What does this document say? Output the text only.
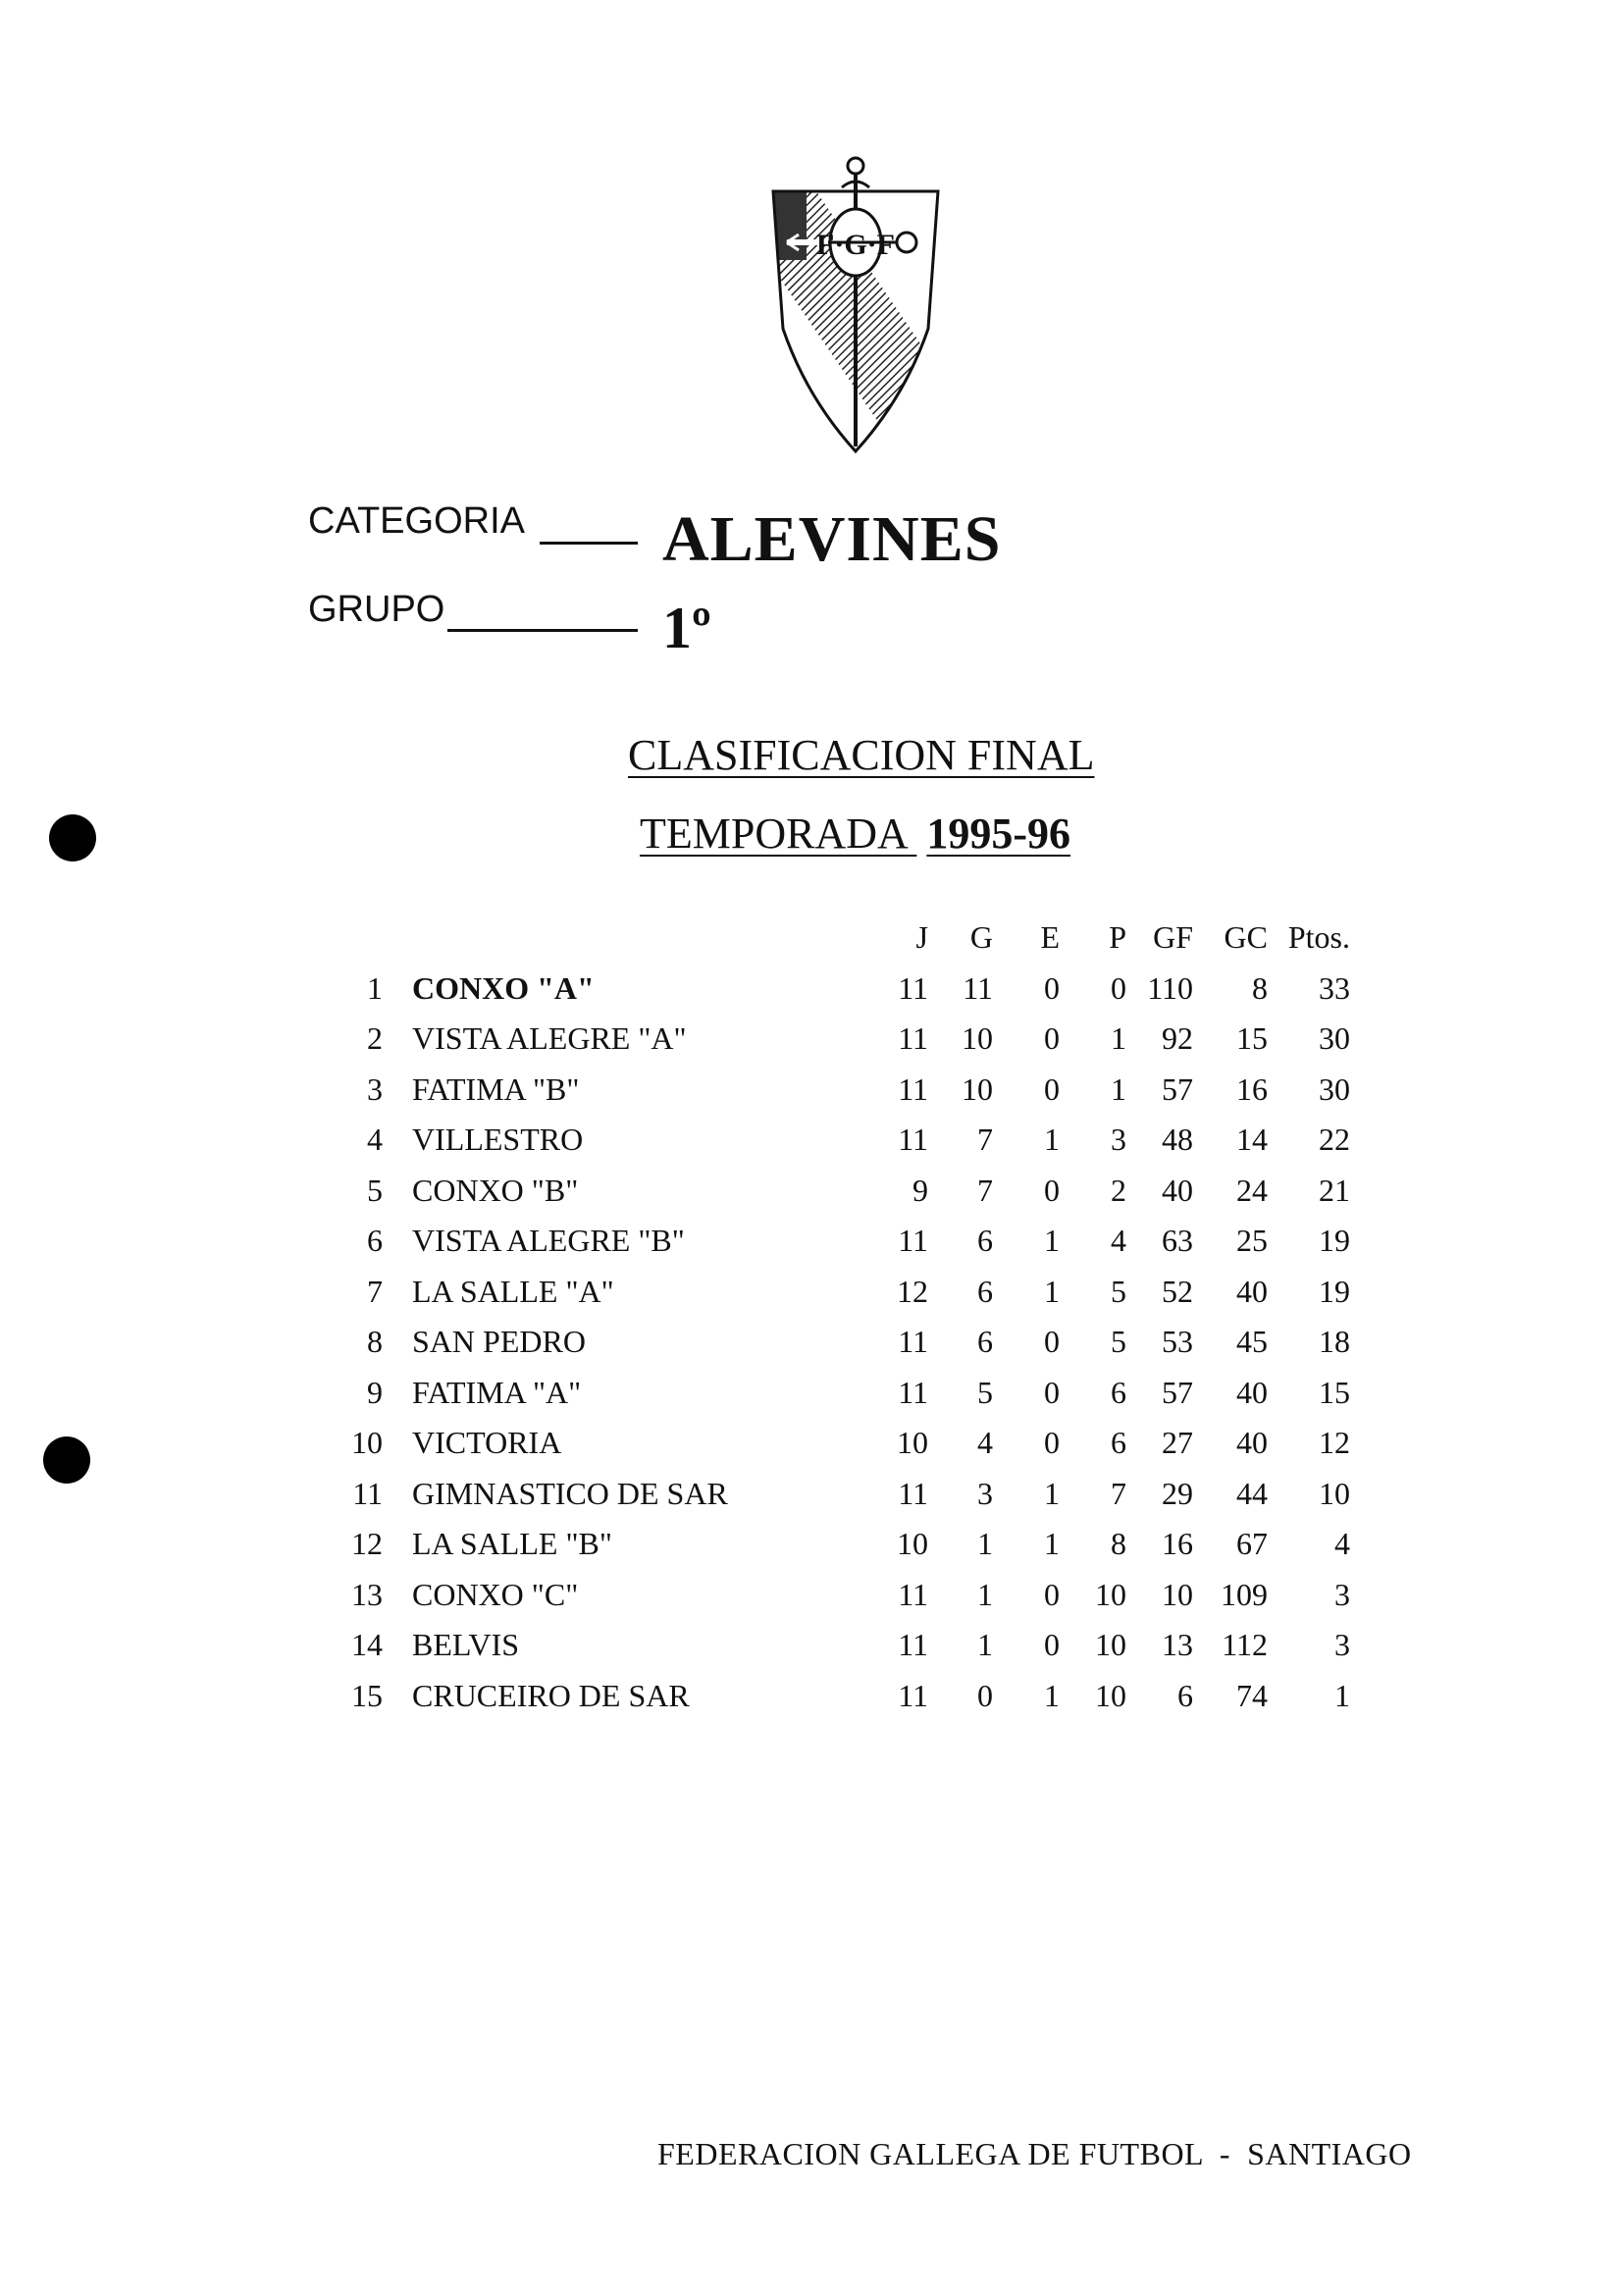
F·G·F
CATEGORIA ALEVINES
GRUPO	1º
CLASIFICACION FINAL
TEMPORADA 1995-96
		J	G	E	P	GF	GC	Ptos.
1	CONXO "A"	11	11	0	0	110	8	33
2	VISTA ALEGRE "A"	11	10	0	1	92	15	30
3	FATIMA "B"	11	10	0	1	57	16	30
4	VILLESTRO	11	7	1	3	48	14	22
5	CONXO "B"	9	7	0	2	40	24	21
6	VISTA ALEGRE "B"	11	6	1	4	63	25	19
7	LA SALLE "A"	12	6	1	5	52	40	19
8	SAN PEDRO	11	6	0	5	53	45	18
9	FATIMA "A"	11	5	0	6	57	40	15
10	VICTORIA	10	4	0	6	27	40	12
11	GIMNASTICO DE SAR	11	3	1	7	29	44	10
12	LA SALLE "B"	10	1	1	8	16	67	4
13	CONXO "C"	11	1	0	10	10	109	3
14	BELVIS	11	1	0	10	13	112	3
15	CRUCEIRO DE SAR	11	0	1	10	6	74	1
FEDERACION GALLEGA DE FUTBOL  -  SANTIAGO
